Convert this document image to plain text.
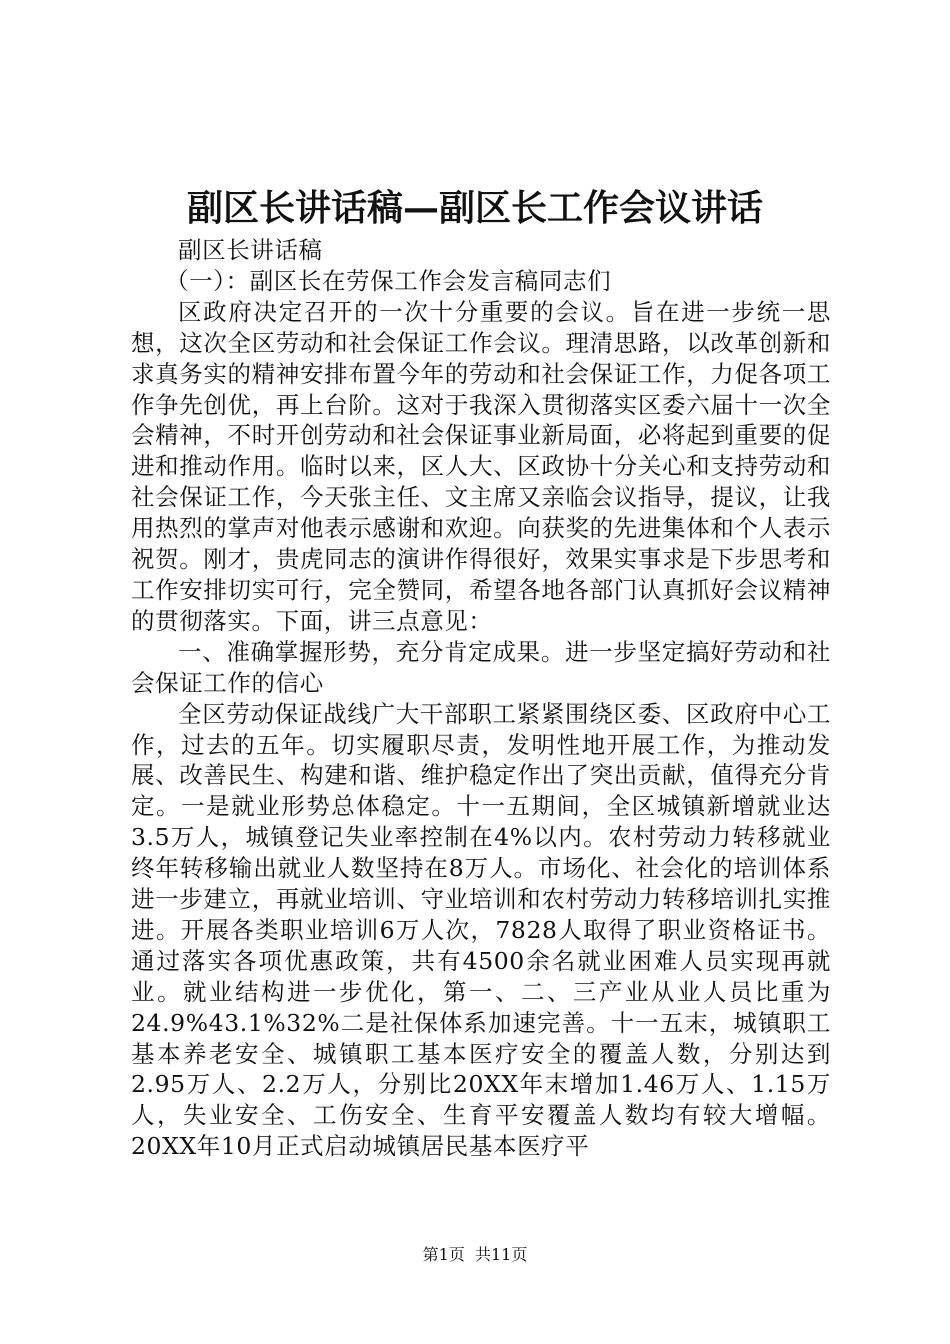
副区长讲话稿—副区长工作会议讲话

副区长讲话稿

（一）：副区长在劳保工作会发言稿同志们

区政府决定召开的一次十分重要的会议。旨在进一步统一思想，这次全区劳动和社会保证工作会议。理清思路，以改革创新和求真务实的精神安排布置今年的劳动和社会保证工作，力促各项工作争先创优，再上台阶。这对于我深入贯彻落实区委六届十一次全会精神，不时开创劳动和社会保证事业新局面，必将起到重要的促进和推动作用。临时以来，区人大、区政协十分关心和支持劳动和社会保证工作，今天张主任、文主席又亲临会议指导，提议，让我用热烈的掌声对他表示感谢和欢迎。向获奖的先进集体和个人表示祝贺。刚才，贵虎同志的演讲作得很好，效果实事求是下步思考和工作安排切实可行，完全赞同，希望各地各部门认真抓好会议精神的贯彻落实。下面，讲三点意见：

一、准确掌握形势，充分肯定成果。进一步坚定搞好劳动和社会保证工作的信心

全区劳动保证战线广大干部职工紧紧围绕区委、区政府中心工作，过去的五年。切实履职尽责，发明性地开展工作，为推动发展、改善民生、构建和谐、维护稳定作出了突出贡献，值得充分肯定。一是就业形势总体稳定。十一五期间，全区城镇新增就业达3.5万人，城镇登记失业率控制在4%以内。农村劳动力转移就业终年转移输出就业人数坚持在8万人。市场化、社会化的培训体系进一步建立，再就业培训、守业培训和农村劳动力转移培训扎实推进。开展各类职业培训6万人次，7828人取得了职业资格证书。通过落实各项优惠政策，共有4500余名就业困难人员实现再就业。就业结构进一步优化，第一、二、三产业从业人员比重为24.9%43.1%32%二是社保体系加速完善。十一五末，城镇职工基本养老安全、城镇职工基本医疗安全的覆盖人数，分别达到2.95万人、2.2万人，分别比20XX年末增加1.46万人、1.15万人，失业安全、工伤安全、生育平安覆盖人数均有较大增幅。20XX年10月正式启动城镇居民基本医疗平

第1页  共11页
